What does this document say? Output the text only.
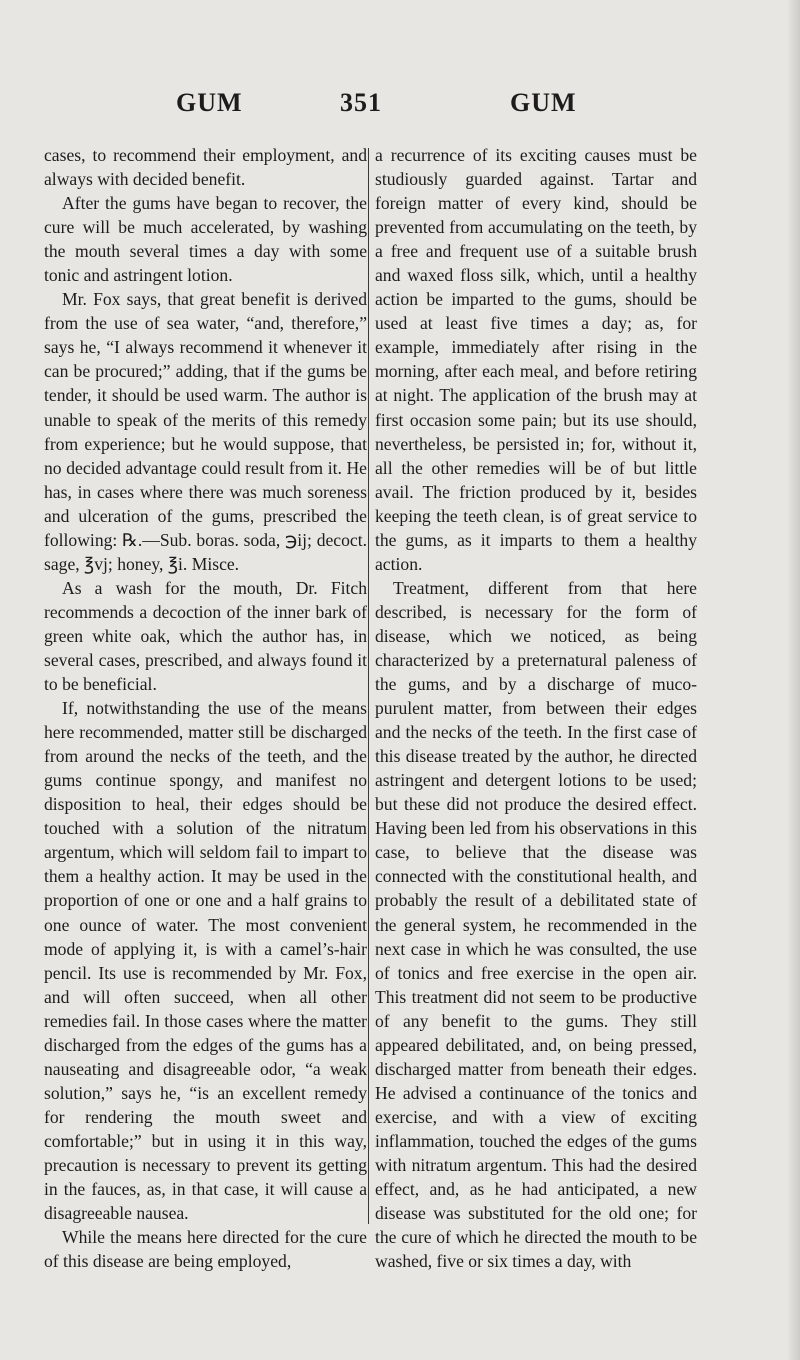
GUM	351	GUM

cases, to recommend their employment, and always with decided benefit.

After the gums have began to recover, the cure will be much accelerated, by washing the mouth several times a day with some tonic and astringent lotion.

Mr. Fox says, that great benefit is derived from the use of sea water, “and, therefore,” says he, “I always recommend it whenever it can be procured;” adding, that if the gums be tender, it should be used warm. The author is unable to speak of the merits of this remedy from experience; but he would suppose, that no decided advantage could result from it. He has, in cases where there was much soreness and ulceration of the gums, prescribed the following: ℞.—Sub. boras. soda, ℈ij; decoct. sage, ℥vj; honey, ℥i. Misce.

As a wash for the mouth, Dr. Fitch recommends a decoction of the inner bark of green white oak, which the author has, in several cases, prescribed, and always found it to be beneficial.

If, notwithstanding the use of the means here recommended, matter still be discharged from around the necks of the teeth, and the gums continue spongy, and manifest no disposition to heal, their edges should be touched with a solution of the nitratum argentum, which will seldom fail to impart to them a healthy action. It may be used in the proportion of one or one and a half grains to one ounce of water. The most convenient mode of applying it, is with a camel’s-hair pencil. Its use is recommended by Mr. Fox, and will often succeed, when all other remedies fail. In those cases where the matter discharged from the edges of the gums has a nauseating and disagreeable odor, “a weak solution,” says he, “is an excellent remedy for rendering the mouth sweet and comfortable;” but in using it in this way, precaution is necessary to prevent its getting in the fauces, as, in that case, it will cause a disagreeable nausea.

While the means here directed for the cure of this disease are being employed,

a recurrence of its exciting causes must be studiously guarded against. Tartar and foreign matter of every kind, should be prevented from accumulating on the teeth, by a free and frequent use of a suitable brush and waxed floss silk, which, until a healthy action be imparted to the gums, should be used at least five times a day; as, for example, immediately after rising in the morning, after each meal, and before retiring at night. The application of the brush may at first occasion some pain; but its use should, nevertheless, be persisted in; for, without it, all the other remedies will be of but little avail. The friction produced by it, besides keeping the teeth clean, is of great service to the gums, as it imparts to them a healthy action.

Treatment, different from that here described, is necessary for the form of disease, which we noticed, as being characterized by a preternatural paleness of the gums, and by a discharge of muco-purulent matter, from between their edges and the necks of the teeth. In the first case of this disease treated by the author, he directed astringent and detergent lotions to be used; but these did not produce the desired effect. Having been led from his observations in this case, to believe that the disease was connected with the constitutional health, and probably the result of a debilitated state of the general system, he recommended in the next case in which he was consulted, the use of tonics and free exercise in the open air. This treatment did not seem to be productive of any benefit to the gums. They still appeared debilitated, and, on being pressed, discharged matter from beneath their edges. He advised a continuance of the tonics and exercise, and with a view of exciting inflammation, touched the edges of the gums with nitratum argentum. This had the desired effect, and, as he had anticipated, a new disease was substituted for the old one; for the cure of which he directed the mouth to be washed, five or six times a day, with
